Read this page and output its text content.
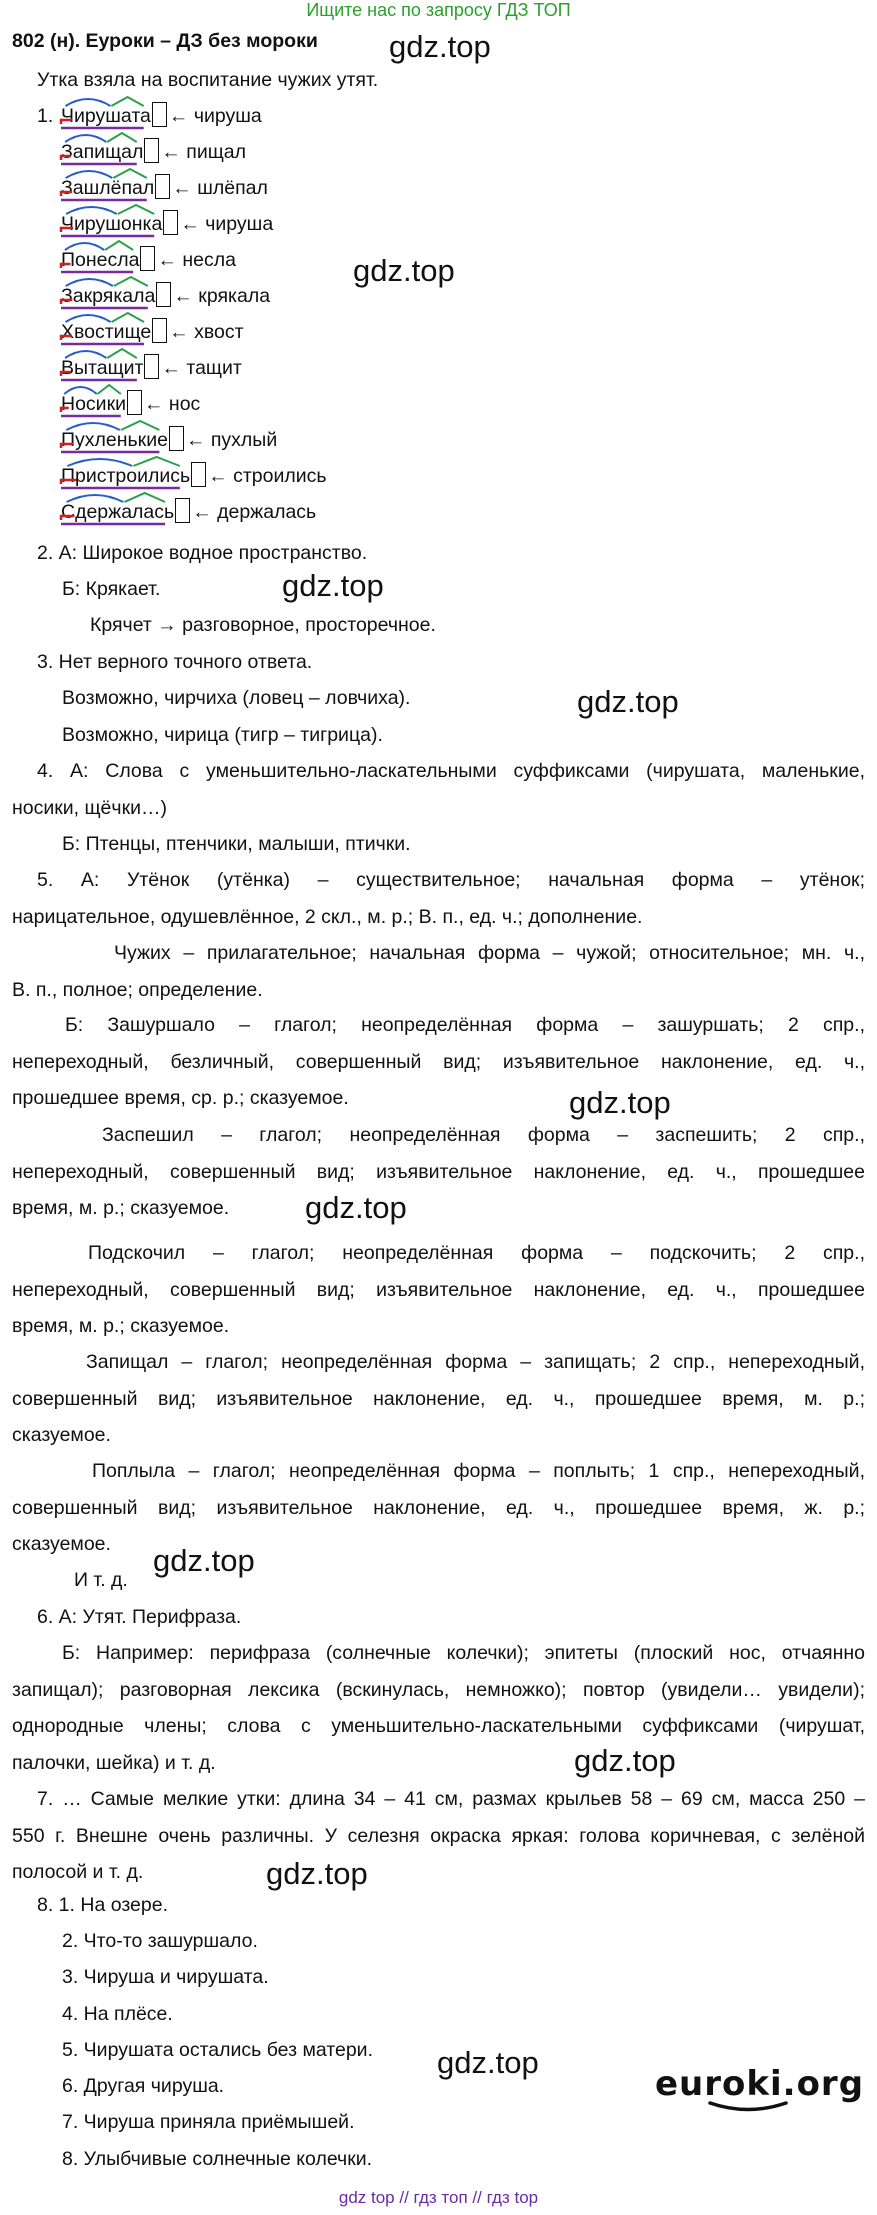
Ищите нас по запросу ГДЗ ТОП
802 (н). Еуроки – ДЗ без мороки
Утка взяла на воспитание чужих утят.
1. Чирушата ← чируша
Запищал ← пищал
Зашлёпал ← шлёпал
Чирушонка ← чируша
Понесла ← несла
Закрякала ← крякала
Хвостище ← хвост
Вытащит ← тащит
Носики ← нос
Пухленькие ← пухлый
Пристроились ← строились
Сдержалась ← держалась
2. А: Широкое водное пространство.
Б: Крякает.
Крячет → разговорное, просторечное.
3. Нет верного точного ответа.
Возможно, чирчиха (ловец – ловчиха).
Возможно, чирица (тигр – тигрица).
4. А: Слова с уменьшительно-ласкательными суффиксами (чирушата, маленькие,
носики, щёчки…)
Б: Птенцы, птенчики, малыши, птички.
5. А: Утёнок (утёнка) – существительное; начальная форма – утёнок;
нарицательное, одушевлённое, 2 скл., м. р.; В. п., ед. ч.; дополнение.
Чужих – прилагательное; начальная форма – чужой; относительное; мн. ч.,
В. п., полное; определение.
Б: Зашуршало – глагол; неопределённая форма – зашуршать; 2 спр.,
непереходный, безличный, совершенный вид; изъявительное наклонение, ед. ч.,
прошедшее время, ср. р.; сказуемое.
Заспешил – глагол; неопределённая форма – заспешить; 2 спр.,
непереходный, совершенный вид; изъявительное наклонение, ед. ч., прошедшее
время, м. р.; сказуемое.
Подскочил – глагол; неопределённая форма – подскочить; 2 спр.,
непереходный, совершенный вид; изъявительное наклонение, ед. ч., прошедшее
время, м. р.; сказуемое.
Запищал – глагол; неопределённая форма – запищать; 2 спр., непереходный,
совершенный вид; изъявительное наклонение, ед. ч., прошедшее время, м. р.;
сказуемое.
Поплыла – глагол; неопределённая форма – поплыть; 1 спр., непереходный,
совершенный вид; изъявительное наклонение, ед. ч., прошедшее время, ж. р.;
сказуемое.
И т. д.
6. А: Утят. Перифраза.
Б: Например: перифраза (солнечные колечки); эпитеты (плоский нос, отчаянно
запищал); разговорная лексика (вскинулась, немножко); повтор (увидели… увидели);
однородные члены; слова с уменьшительно-ласкательными суффиксами (чирушат,
палочки, шейка) и т. д.
7. … Самые мелкие утки: длина 34 – 41 см, размах крыльев 58 – 69 см, масса 250 –
550 г. Внешне очень различны. У селезня окраска яркая: голова коричневая, с зелёной
полосой и т. д.
8. 1. На озере.
2. Что-то зашуршало.
3. Чируша и чирушата.
4. На плёсе.
5. Чирушата остались без матери.
6. Другая чируша.
7. Чируша приняла приёмышей.
8. Улыбчивые солнечные колечки.
gdz.top
gdz.top
gdz.top
gdz.top
gdz.top
gdz.top
gdz.top
gdz.top
gdz.top
gdz.top
euroki.org
gdz top // гдз топ // гдз top
